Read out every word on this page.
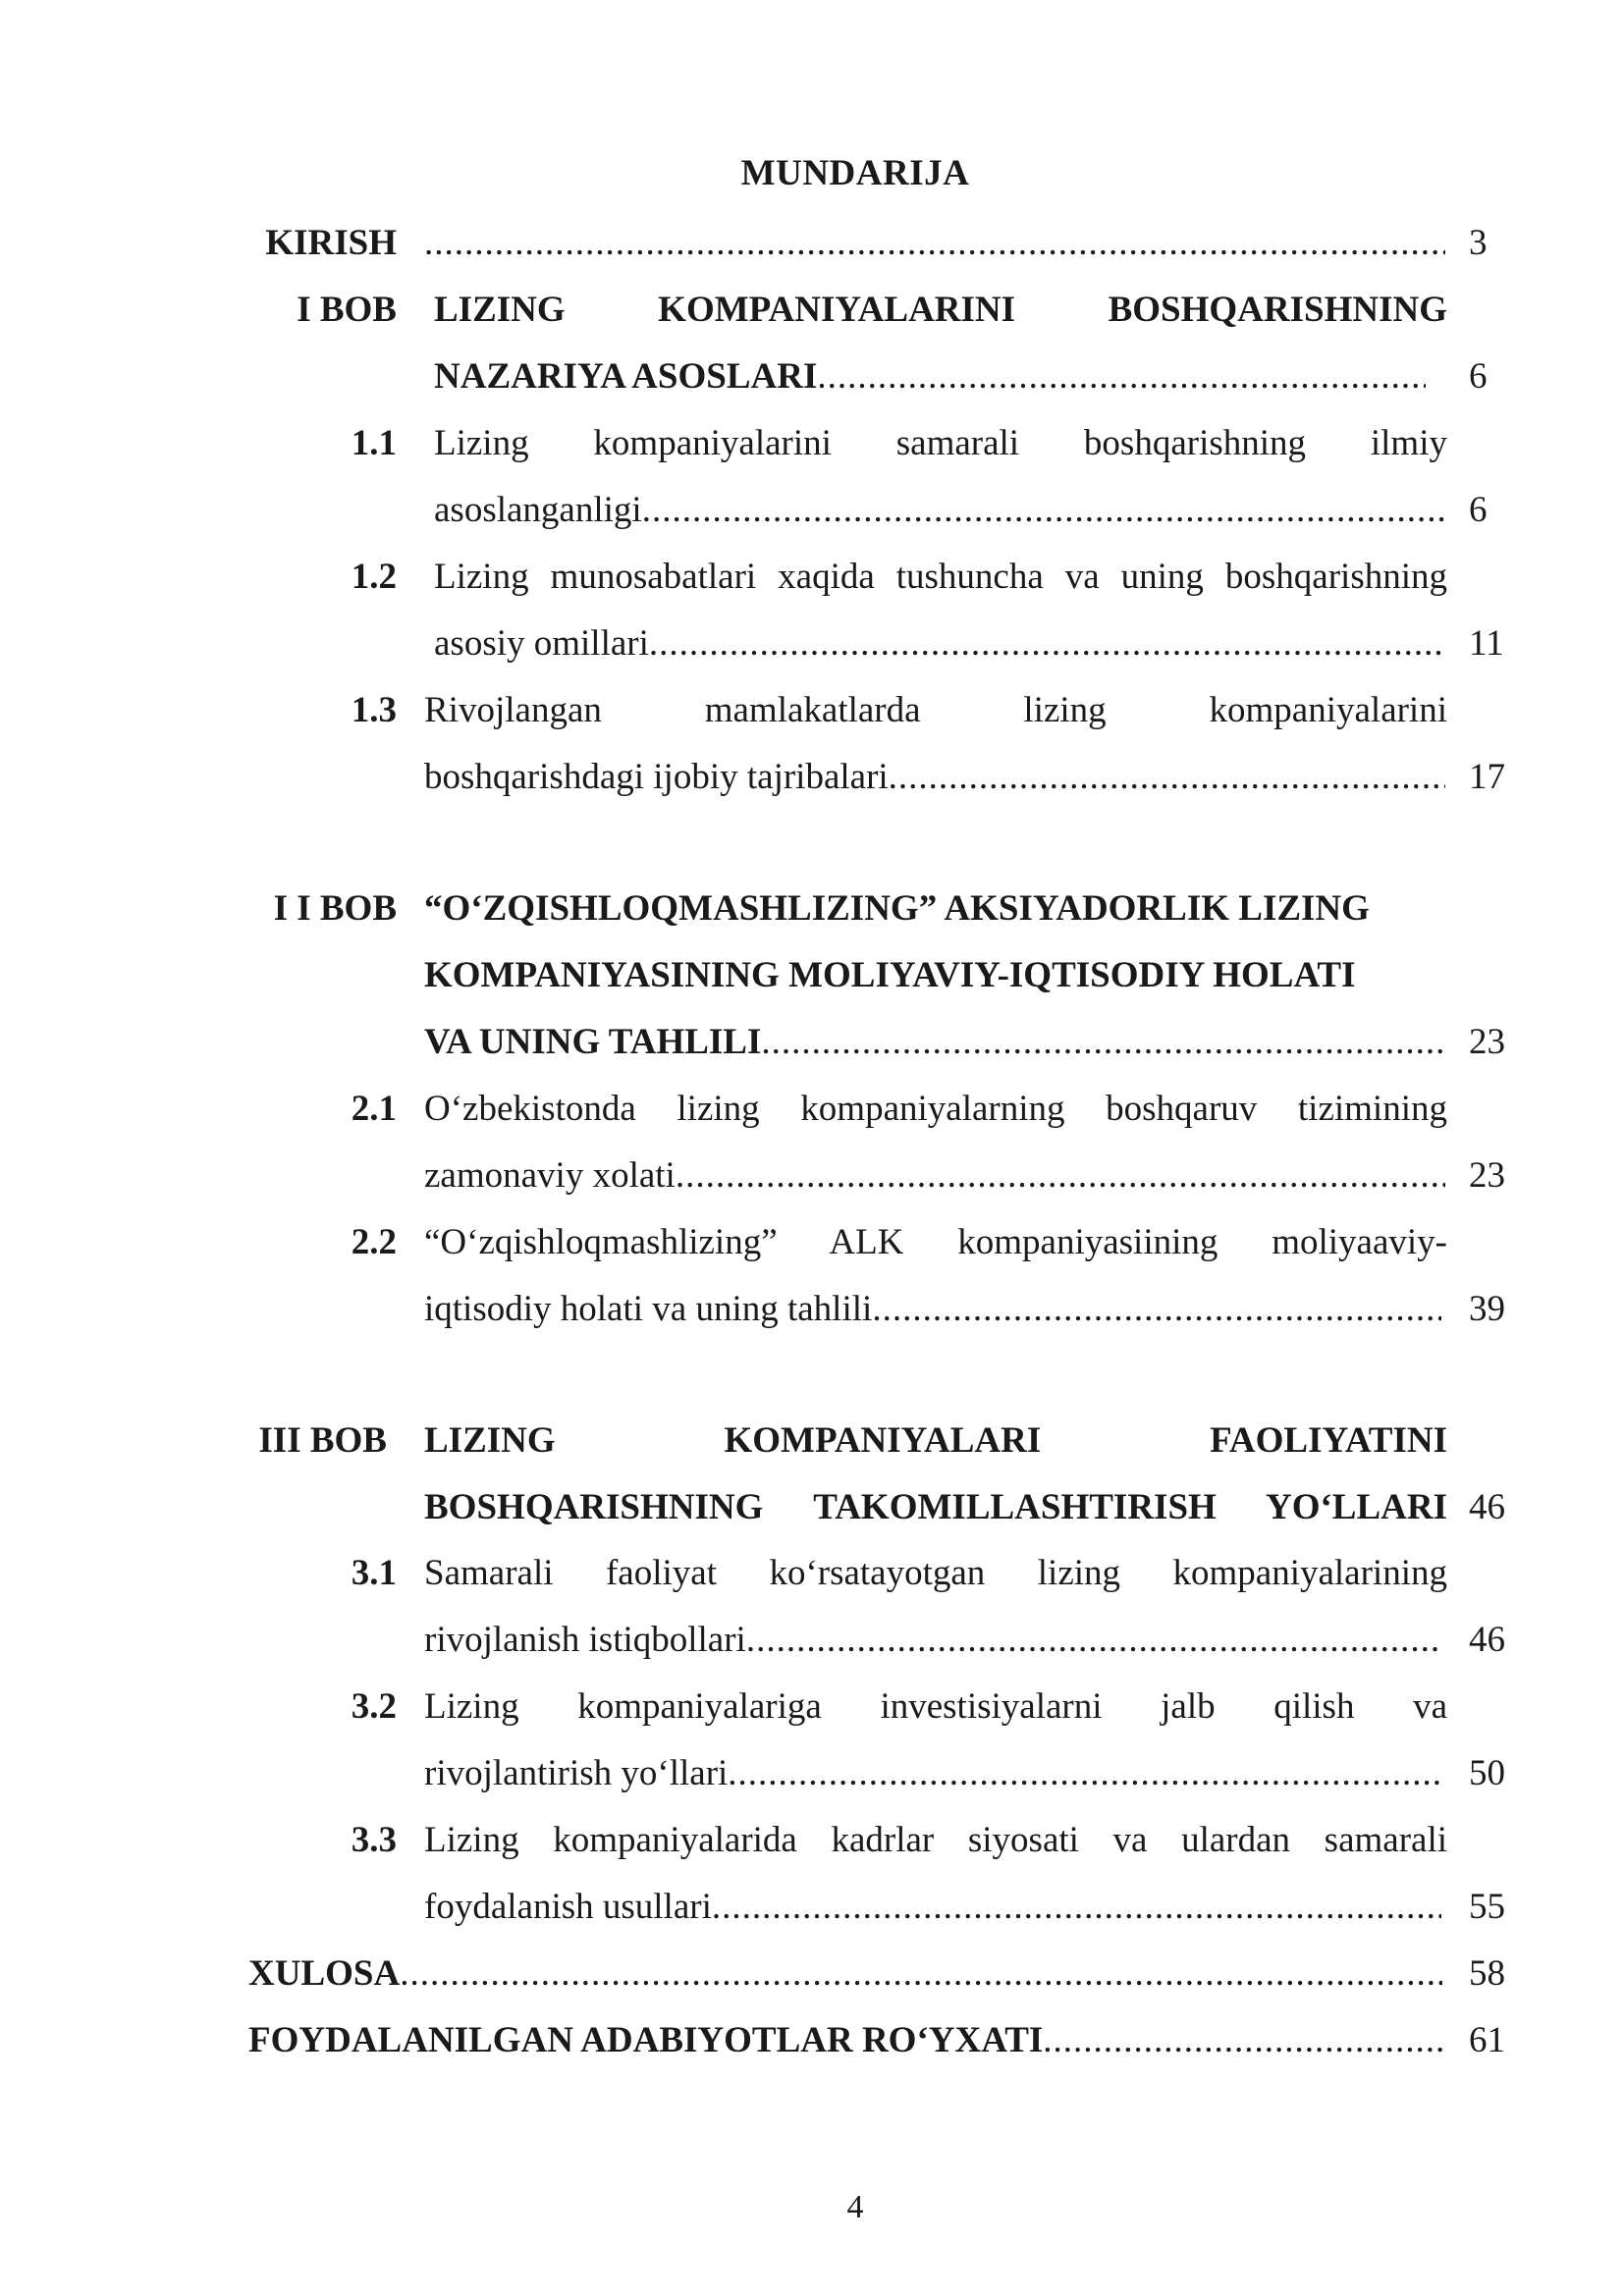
MUNDARIJA
KIRISH .....	3
I BOB LIZING KOMPANIYALARINI BOSHQARISHNING
NAZARIYA ASOSLARI .....	6
1.1 Lizing kompaniyalarini samarali boshqarishning ilmiy
asoslanganligi .....	6
1.2 Lizing munosabatlari xaqida tushuncha va uning boshqarishning
asosiy omillari .....	11
1.3 Rivojlangan mamlakatlarda lizing kompaniyalarini
boshqarishdagi ijobiy tajribalari .....	17
I I BOB “O‘ZQISHLOQMASHLIZING” AKSIYADORLIK LIZING
KOMPANIYASINING MOLIYAVIY-IQTISODIY HOLATI
VA UNING TAHLILI .....	23
2.1 O‘zbekistonda lizing kompaniyalarning boshqaruv tizimining
zamonaviy xolati .....	23
2.2 “O‘zqishloqmashlizing” ALK kompaniyasiining moliyaaviy-
iqtisodiy holati va uning tahlili .....	39
III BOB LIZING KOMPANIYALARI FAOLIYATINI
BOSHQARISHNING TAKOMILLASHTIRISH YO‘LLARI 46
3.1 Samarali faoliyat ko‘rsatayotgan lizing kompaniyalarining
rivojlanish istiqbollari .....	46
3.2 Lizing kompaniyalariga investisiyalarni jalb qilish va
rivojlantirish yo‘llari .....	50
3.3 Lizing kompaniyalarida kadrlar siyosati va ulardan samarali
foydalanish usullari .....	55
XULOSA .....	58
FOYDALANILGAN ADABIYOTLAR RO‘YXATI .....	61
4
